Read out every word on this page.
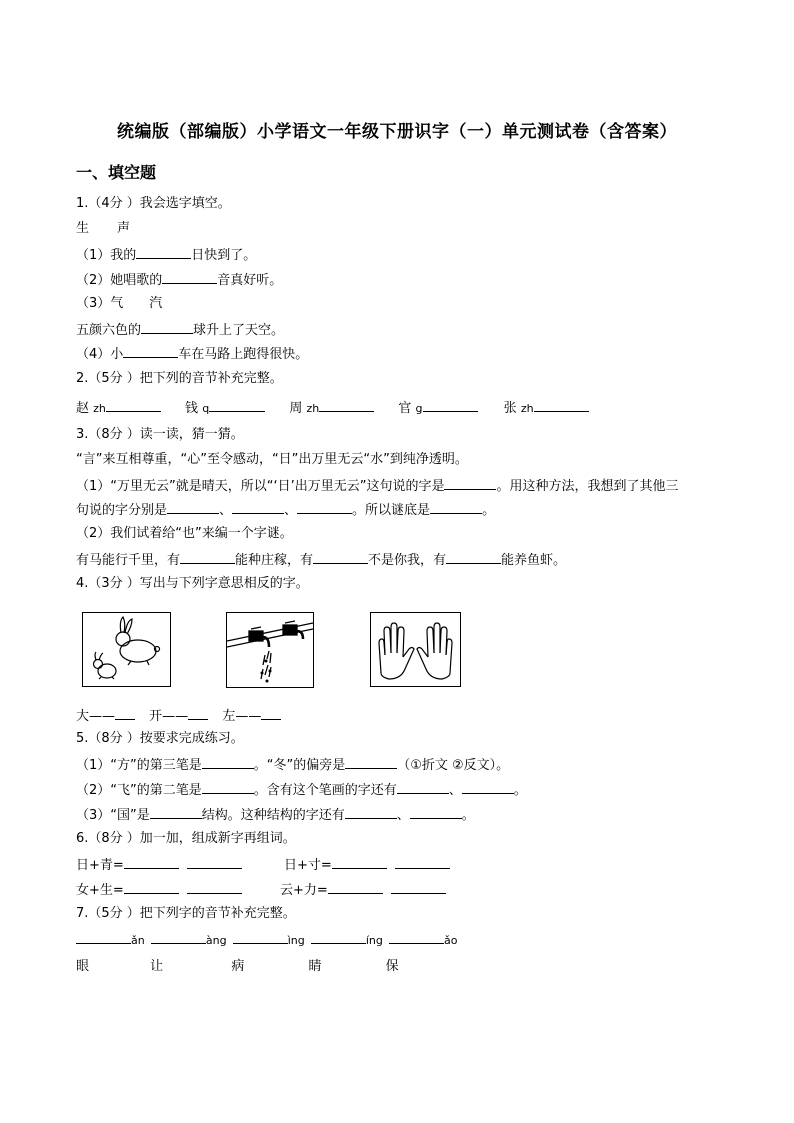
统编版（部编版）小学语文一年级下册识字（一）单元测试卷（含答案）
一、填空题
1.（4分 ）我会选字填空。
生 声
（1）我的	日快到了。
（2）她唱歌的	音真好听。
（3）气　　汽
五颜六色的	球升上了天空。
（4）小	车在马路上跑得很快。
2.（5分 ）把下列的音节补充完整。
赵 zh	钱 q	周 zh	官 g	张 zh
3.（8分 ）读一读，猜一猜。
“言”来互相尊重，“心”至令感动，“日”出万里无云“水”到纯净透明。
（1）“万里无云”就是晴天，所以“‘日’出万里无云”这句说的字是	。用这种方法，我想到了其他三
句说的字分别是	、	、	。所以谜底是	。
（2）我们试着给“也”来编一个字谜。
有马能行千里，有	能种庄稼，有	不是你我，有	能养鱼虾。
4.（3分 ）写出与下列字意思相反的字。
大——	开——	左——
5.（8分 ）按要求完成练习。
（1）“方”的第三笔是	。“冬”的偏旁是	（①折文 ②反文）。
（2）“飞”的第二笔是	。含有这个笔画的字还有	、	。
（3）“国”是	结构。这种结构的字还有	、	。
6.（8分 ）加一加，组成新字再组词。
日+青=	日+寸=
女+生=	云+力=
7.（5分 ）把下列字的音节补充完整。
ǎn	àng	ìng	íng	ǎo
眼	让	病	睛	保
